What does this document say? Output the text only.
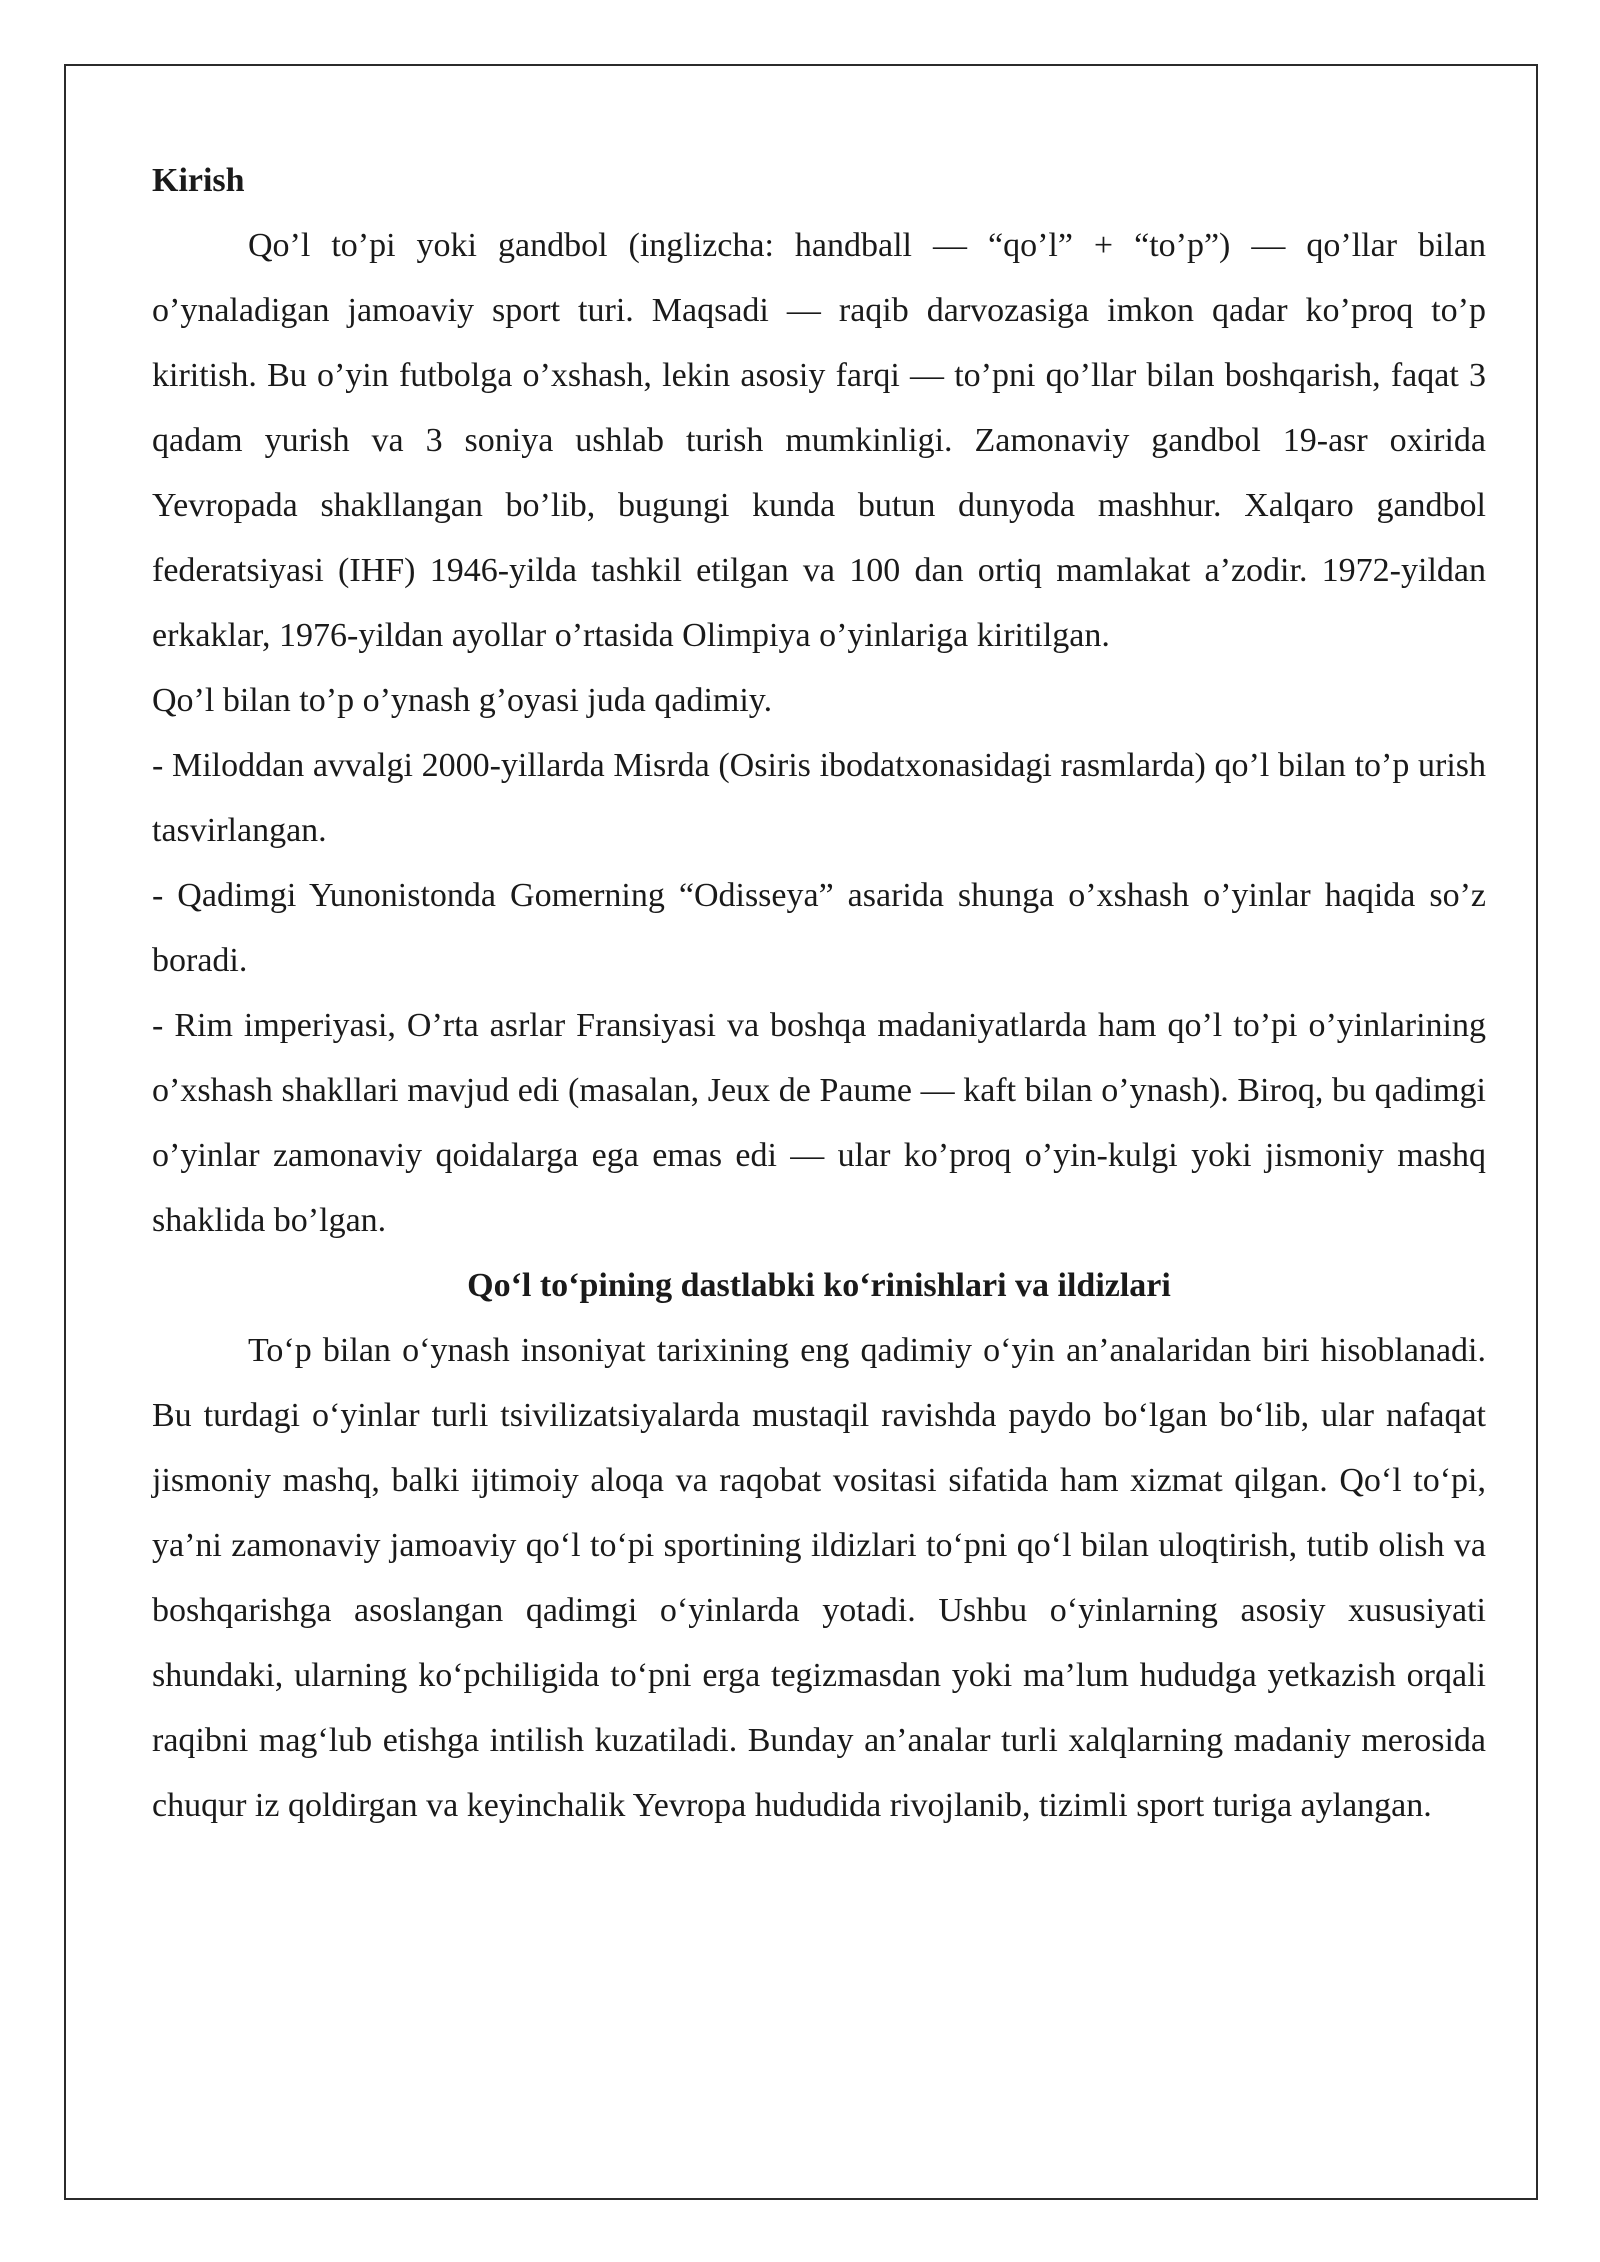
Kirish

Qo’l to’pi yoki gandbol (inglizcha: handball — “qo’l” + “to’p”) — qo’llar bilan o’ynaladigan jamoaviy sport turi. Maqsadi — raqib darvozasiga imkon qadar ko’proq to’p kiritish. Bu o’yin futbolga o’xshash, lekin asosiy farqi — to’pni qo’llar bilan boshqarish, faqat 3 qadam yurish va 3 soniya ushlab turish mumkinligi. Zamonaviy gandbol 19-asr oxirida Yevropada shakllangan bo’lib, bugungi kunda butun dunyoda mashhur. Xalqaro gandbol federatsiyasi (IHF) 1946-yilda tashkil etilgan va 100 dan ortiq mamlakat a’zodir. 1972-yildan erkaklar, 1976-yildan ayollar o’rtasida Olimpiya o’yinlariga kiritilgan.

Qo’l bilan to’p o’ynash g’oyasi juda qadimiy.

- Miloddan avvalgi 2000-yillarda Misrda (Osiris ibodatxonasidagi rasmlarda) qo’l bilan to’p urish tasvirlangan.

- Qadimgi Yunonistonda Gomerning “Odisseya” asarida shunga o’xshash o’yinlar haqida so’z boradi.

- Rim imperiyasi, O’rta asrlar Fransiyasi va boshqa madaniyatlarda ham qo’l to’pi o’yinlarining o’xshash shakllari mavjud edi (masalan, Jeux de Paume — kaft bilan o’ynash). Biroq, bu qadimgi o’yinlar zamonaviy qoidalarga ega emas edi — ular ko’proq o’yin-kulgi yoki jismoniy mashq shaklida bo’lgan.

Qo‘l to‘pining dastlabki ko‘rinishlari va ildizlari

To‘p bilan o‘ynash insoniyat tarixining eng qadimiy o‘yin an’analaridan biri hisoblanadi. Bu turdagi o‘yinlar turli tsivilizatsiyalarda mustaqil ravishda paydo bo‘lgan bo‘lib, ular nafaqat jismoniy mashq, balki ijtimoiy aloqa va raqobat vositasi sifatida ham xizmat qilgan. Qo‘l to‘pi, ya’ni zamonaviy jamoaviy qo‘l to‘pi sportining ildizlari to‘pni qo‘l bilan uloqtirish, tutib olish va boshqarishga asoslangan qadimgi o‘yinlarda yotadi. Ushbu o‘yinlarning asosiy xususiyati shundaki, ularning ko‘pchiligida to‘pni erga tegizmasdan yoki ma’lum hududga yetkazish orqali raqibni mag‘lub etishga intilish kuzatiladi. Bunday an’analar turli xalqlarning madaniy merosida chuqur iz qoldirgan va keyinchalik Yevropa hududida rivojlanib, tizimli sport turiga aylangan.
